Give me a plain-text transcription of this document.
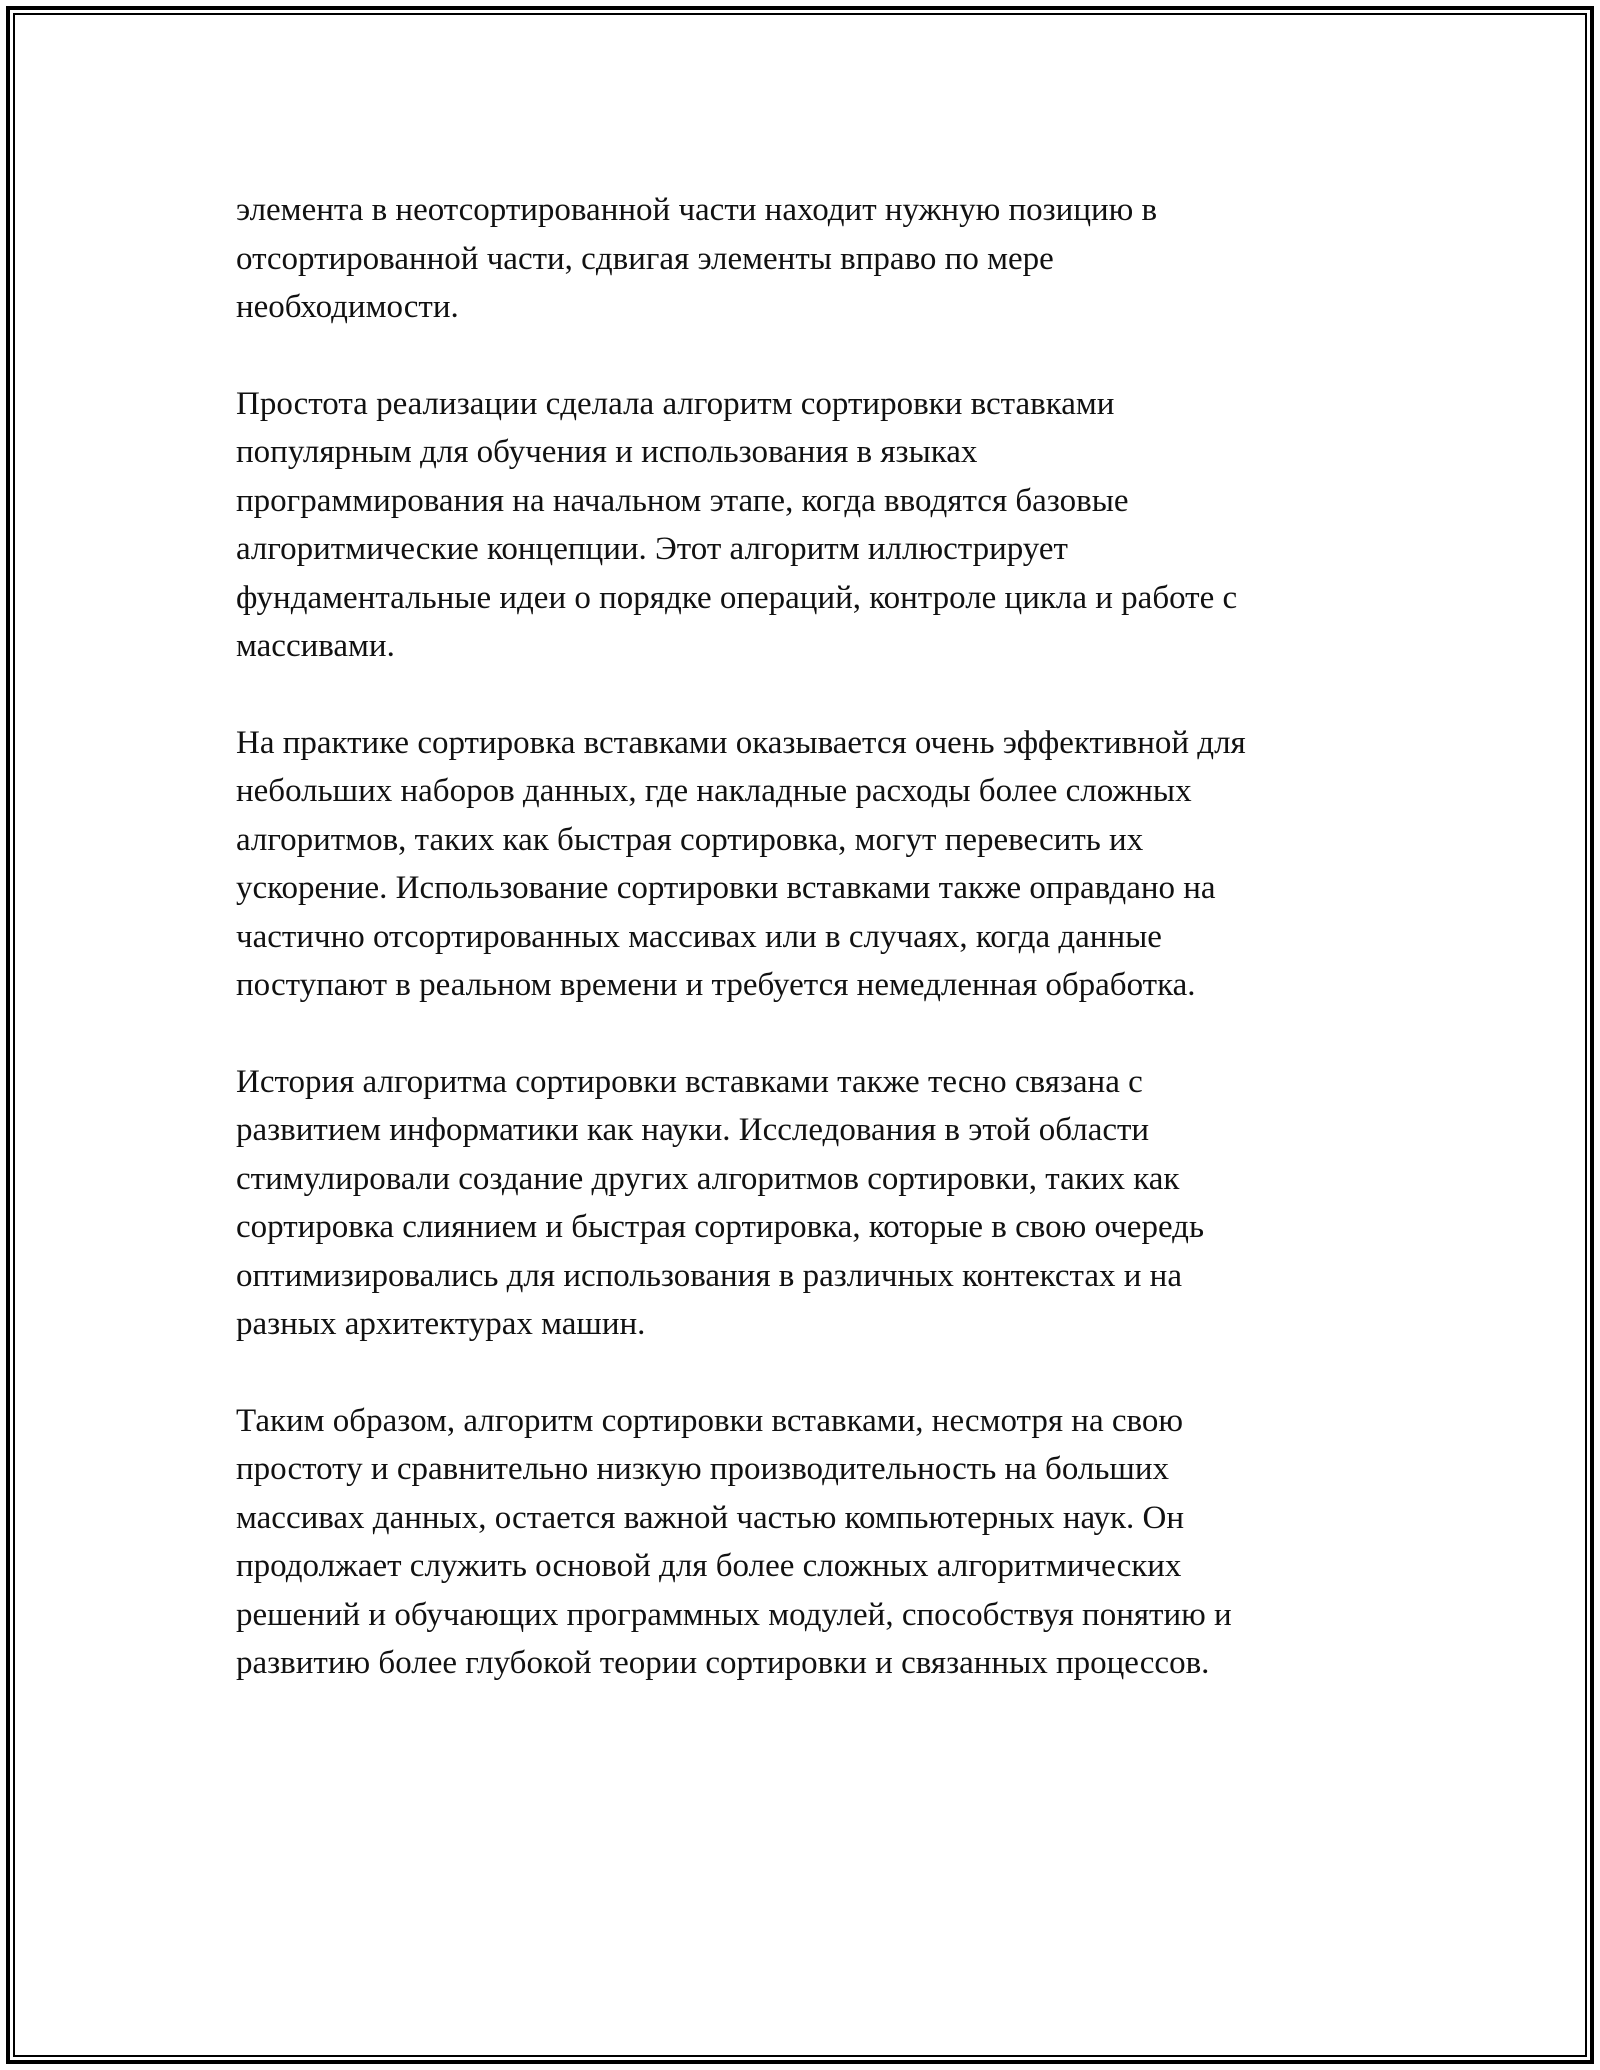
элемента в неотсортированной части находит нужную позицию в
отсортированной части, сдвигая элементы вправо по мере
необходимости.

Простота реализации сделала алгоритм сортировки вставками
популярным для обучения и использования в языках
программирования на начальном этапе, когда вводятся базовые
алгоритмические концепции. Этот алгоритм иллюстрирует
фундаментальные идеи о порядке операций, контроле цикла и работе с
массивами.

На практике сортировка вставками оказывается очень эффективной для
небольших наборов данных, где накладные расходы более сложных
алгоритмов, таких как быстрая сортировка, могут перевесить их
ускорение. Использование сортировки вставками также оправдано на
частично отсортированных массивах или в случаях, когда данные
поступают в реальном времени и требуется немедленная обработка.

История алгоритма сортировки вставками также тесно связана с
развитием информатики как науки. Исследования в этой области
стимулировали создание других алгоритмов сортировки, таких как
сортировка слиянием и быстрая сортировка, которые в свою очередь
оптимизировались для использования в различных контекстах и на
разных архитектурах машин.

Таким образом, алгоритм сортировки вставками, несмотря на свою
простоту и сравнительно низкую производительность на больших
массивах данных, остается важной частью компьютерных наук. Он
продолжает служить основой для более сложных алгоритмических
решений и обучающих программных модулей, способствуя понятию и
развитию более глубокой теории сортировки и связанных процессов.
